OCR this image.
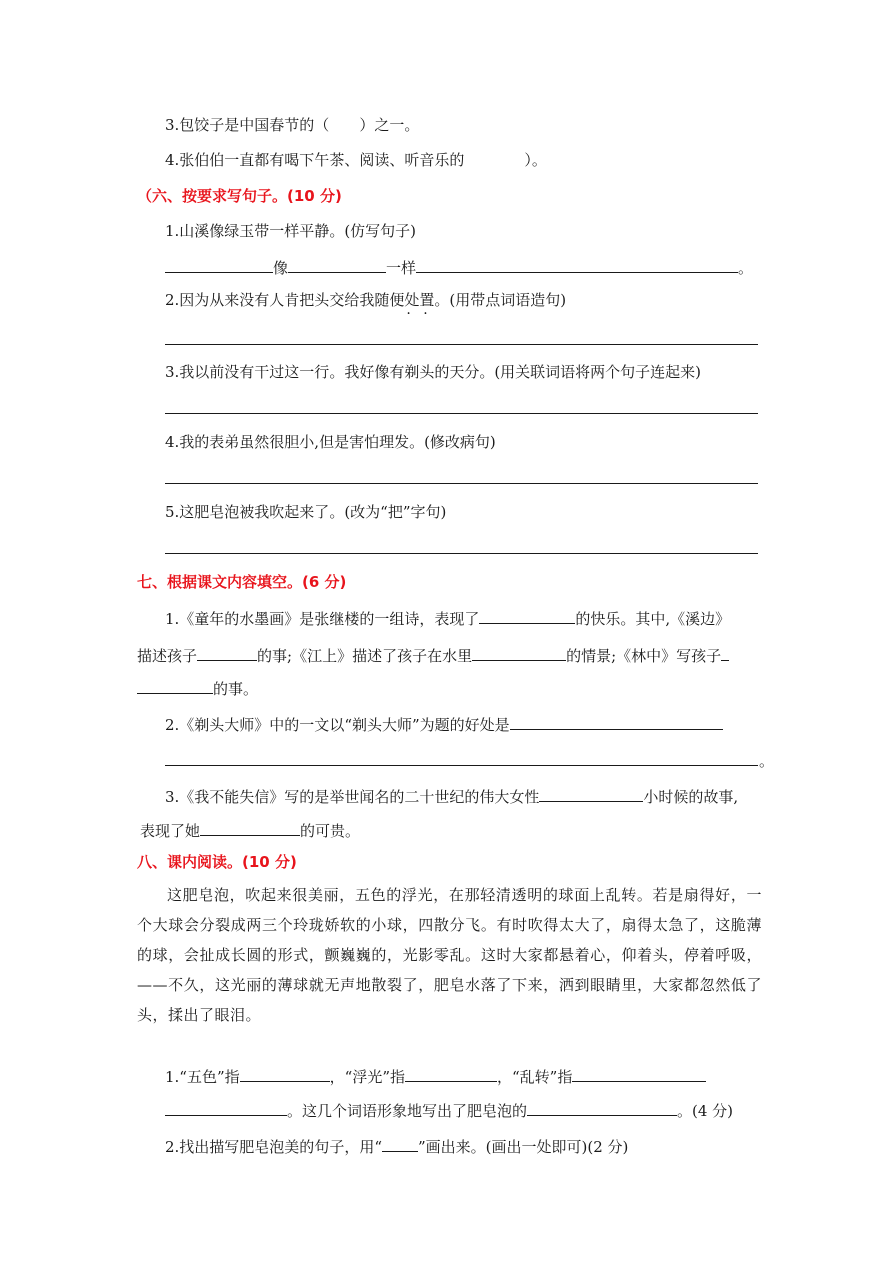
3.包饺子是中国春节的（ ）之一。
4.张伯伯一直都有喝下午茶、阅读、听音乐的	）。
（六、按要求写句子。(10 分)
1.山溪像绿玉带一样平静。(仿写句子)
像	一样	。
2.因为从来没有人肯把头交给我随便处置 · ·。(用带点词语造句)
3.我以前没有干过这一行。我好像有剃头的天分。(用关联词语将两个句子连起来)
4.我的表弟虽然很胆小,但是害怕理发。(修改病句)
5.这肥皂泡被我吹起来了。(改为“把”字句)
七、根据课文内容填空。(6 分)
1.《童年的水墨画》是张继楼的一组诗，表现了	的快乐。其中,《溪边》
描述孩子	的事;《江上》描述了孩子在水里	的情景;《林中》写孩子
的事。
2.《剃头大师》中的一文以“剃头大师”为题的好处是
。
3.《我不能失信》写的是举世闻名的二十世纪的伟大女性	小时候的故事,
表现了她	的可贵。
八、课内阅读。(10 分)
这肥皂泡，吹起来很美丽，五色的浮光，在那轻清透明的球面上乱转。若是扇得好，一个大球会分裂成两三个玲珑娇软的小球，四散分飞。有时吹得太大了，扇得太急了，这脆薄的球，会扯成长圆的形式，颤巍巍的，光影零乱。这时大家都悬着心，仰着头，停着呼吸，——不久，这光丽的薄球就无声地散裂了，肥皂水落了下来，洒到眼睛里，大家都忽然低了头，揉出了眼泪。
1.“五色”指	，“浮光”指	，“乱转”指
。这几个词语形象地写出了肥皂泡的	。(4 分)
2.找出描写肥皂泡美的句子，用“ ”画出来。(画出一处即可)(2 分)
